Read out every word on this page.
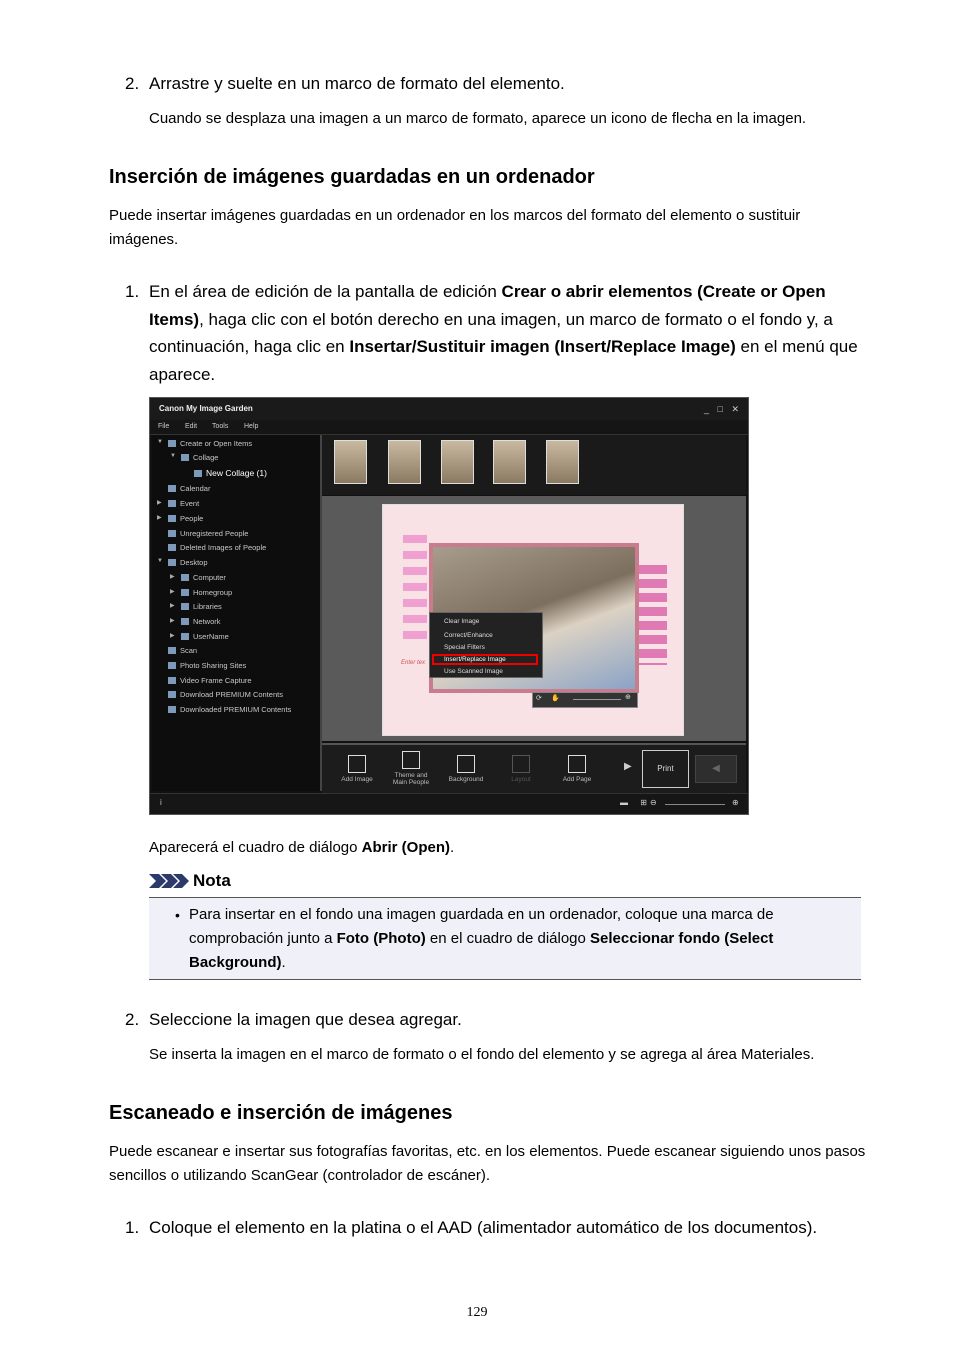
2. Arrastre y suelte en un marco de formato del elemento.
Cuando se desplaza una imagen a un marco de formato, aparece un icono de flecha en la imagen.
Inserción de imágenes guardadas en un ordenador
Puede insertar imágenes guardadas en un ordenador en los marcos del formato del elemento o sustituir imágenes.
1. En el área de edición de la pantalla de edición Crear o abrir elementos (Create or Open Items), haga clic con el botón derecho en una imagen, un marco de formato o el fondo y, a continuación, haga clic en Insertar/Sustituir imagen (Insert/Replace Image) en el menú que aparece.
Canon My Image Garden	_ □ ✕
File Edit Tools Help
▼ Create or Open Items
▼ Collage
New Collage (1)
Calendar
▶ Event
▶ People
Unregistered People
Deleted Images of People
▼ Desktop
▶ Computer
▶ Homegroup
▶ Libraries
▶ Network
▶ UserName
Scan
Photo Sharing Sites
Video Frame Capture
Download PREMIUM Contents
Downloaded PREMIUM Contents
Enter tex
Clear Image
Correct/Enhance
Special Filters
Insert/Replace Image
Use Scanned Image
⟳ ✋	⊕
Add Image
Theme and Main People	Background	Layout	Add Page
▶	Print	◀
i	▬ ⊞
⊖	⊕
Aparecerá el cuadro de diálogo Abrir (Open).
Nota
• Para insertar en el fondo una imagen guardada en un ordenador, coloque una marca de comprobación junto a Foto (Photo) en el cuadro de diálogo Seleccionar fondo (Select Background).
2. Seleccione la imagen que desea agregar.
Se inserta la imagen en el marco de formato o el fondo del elemento y se agrega al área Materiales.
Escaneado e inserción de imágenes
Puede escanear e insertar sus fotografías favoritas, etc. en los elementos. Puede escanear siguiendo unos pasos sencillos o utilizando ScanGear (controlador de escáner).
1. Coloque el elemento en la platina o el AAD (alimentador automático de los documentos).
129
